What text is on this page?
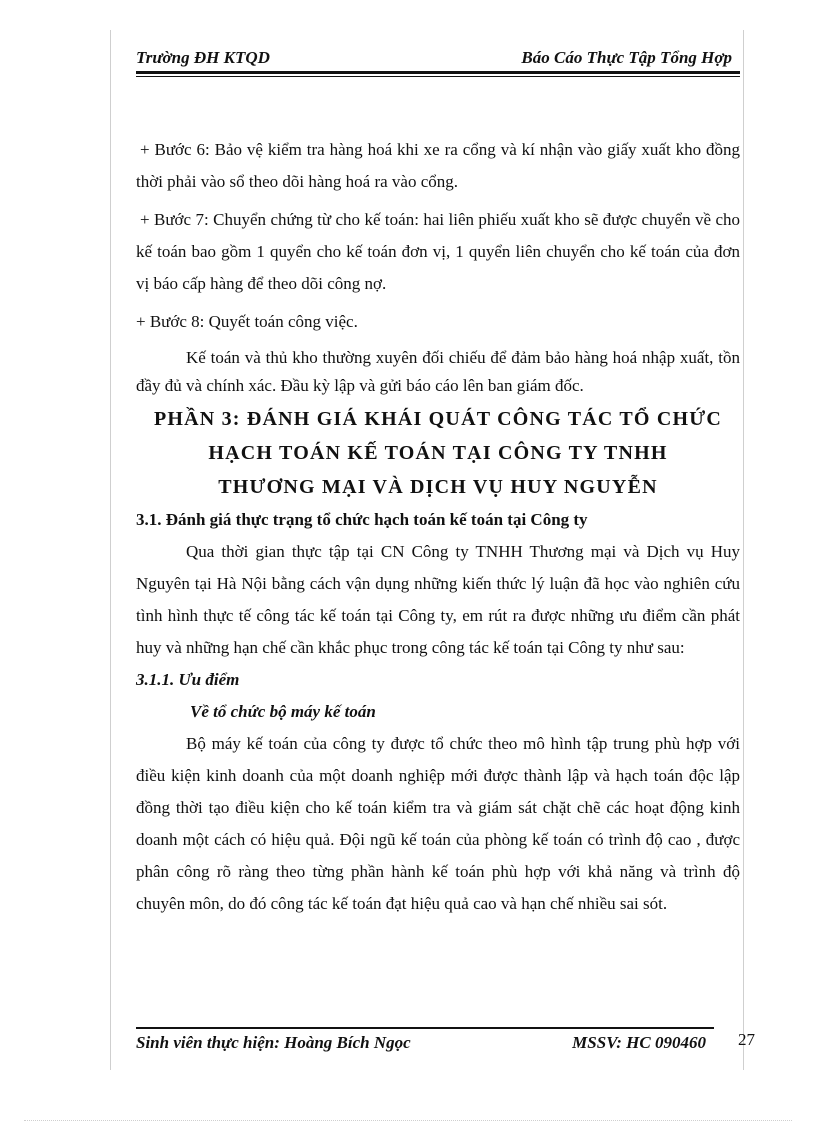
Trường ĐH KTQD	Báo Cáo Thực Tập Tổng Hợp

+ Bước 6: Bảo vệ kiểm tra hàng hoá khi xe ra cổng và kí nhận vào giấy xuất kho đồng thời phải vào sổ theo dõi hàng hoá ra vào cổng.

+ Bước 7: Chuyển chứng từ cho kế toán: hai liên phiếu xuất kho sẽ được chuyển về cho kế toán bao gồm 1 quyển cho kế toán đơn vị, 1 quyển liên chuyển cho kế toán của đơn vị báo cấp hàng để theo dõi công nợ.

+ Bước 8: Quyết toán công việc.

Kế toán và thủ kho thường xuyên đối chiếu để đảm bảo hàng hoá nhập xuất, tồn đầy đủ và chính xác. Đầu kỳ lập và gửi báo cáo lên ban giám đốc.

PHẦN 3: ĐÁNH GIÁ KHÁI QUÁT CÔNG TÁC TỔ CHỨC

HẠCH TOÁN KẾ TOÁN TẠI CÔNG TY TNHH

THƯƠNG MẠI VÀ DỊCH VỤ HUY NGUYỄN

3.1. Đánh giá thực trạng tổ chức hạch toán kế toán tại Công ty

Qua thời gian thực tập tại CN Công ty TNHH Thương mại và Dịch vụ Huy Nguyên tại Hà Nội bằng cách vận dụng những kiến thức lý luận đã học vào nghiên cứu tình hình thực tế công tác kế toán tại Công ty, em rút ra được những ưu điểm cần phát huy và những hạn chế cần khắc phục trong công tác kế toán tại Công ty như sau:

3.1.1. Ưu điểm

Về tổ chức bộ máy kế toán

Bộ máy kế toán của công ty được tổ chức theo mô hình tập trung phù hợp với điều kiện kinh doanh của một doanh nghiệp mới được thành lập và hạch toán độc lập đồng thời tạo điều kiện cho kế toán kiểm tra và giám sát chặt chẽ các hoạt động kinh doanh một cách có hiệu quả. Đội ngũ kế toán của phòng kế toán có trình độ cao , được phân công rõ ràng theo từng phần hành kế toán phù hợp với khả năng và trình độ chuyên môn, do đó công tác kế toán đạt hiệu quả cao và hạn chế nhiều sai sót.

Sinh viên thực hiện: Hoàng Bích Ngọc	MSSV: HC 090460 27
